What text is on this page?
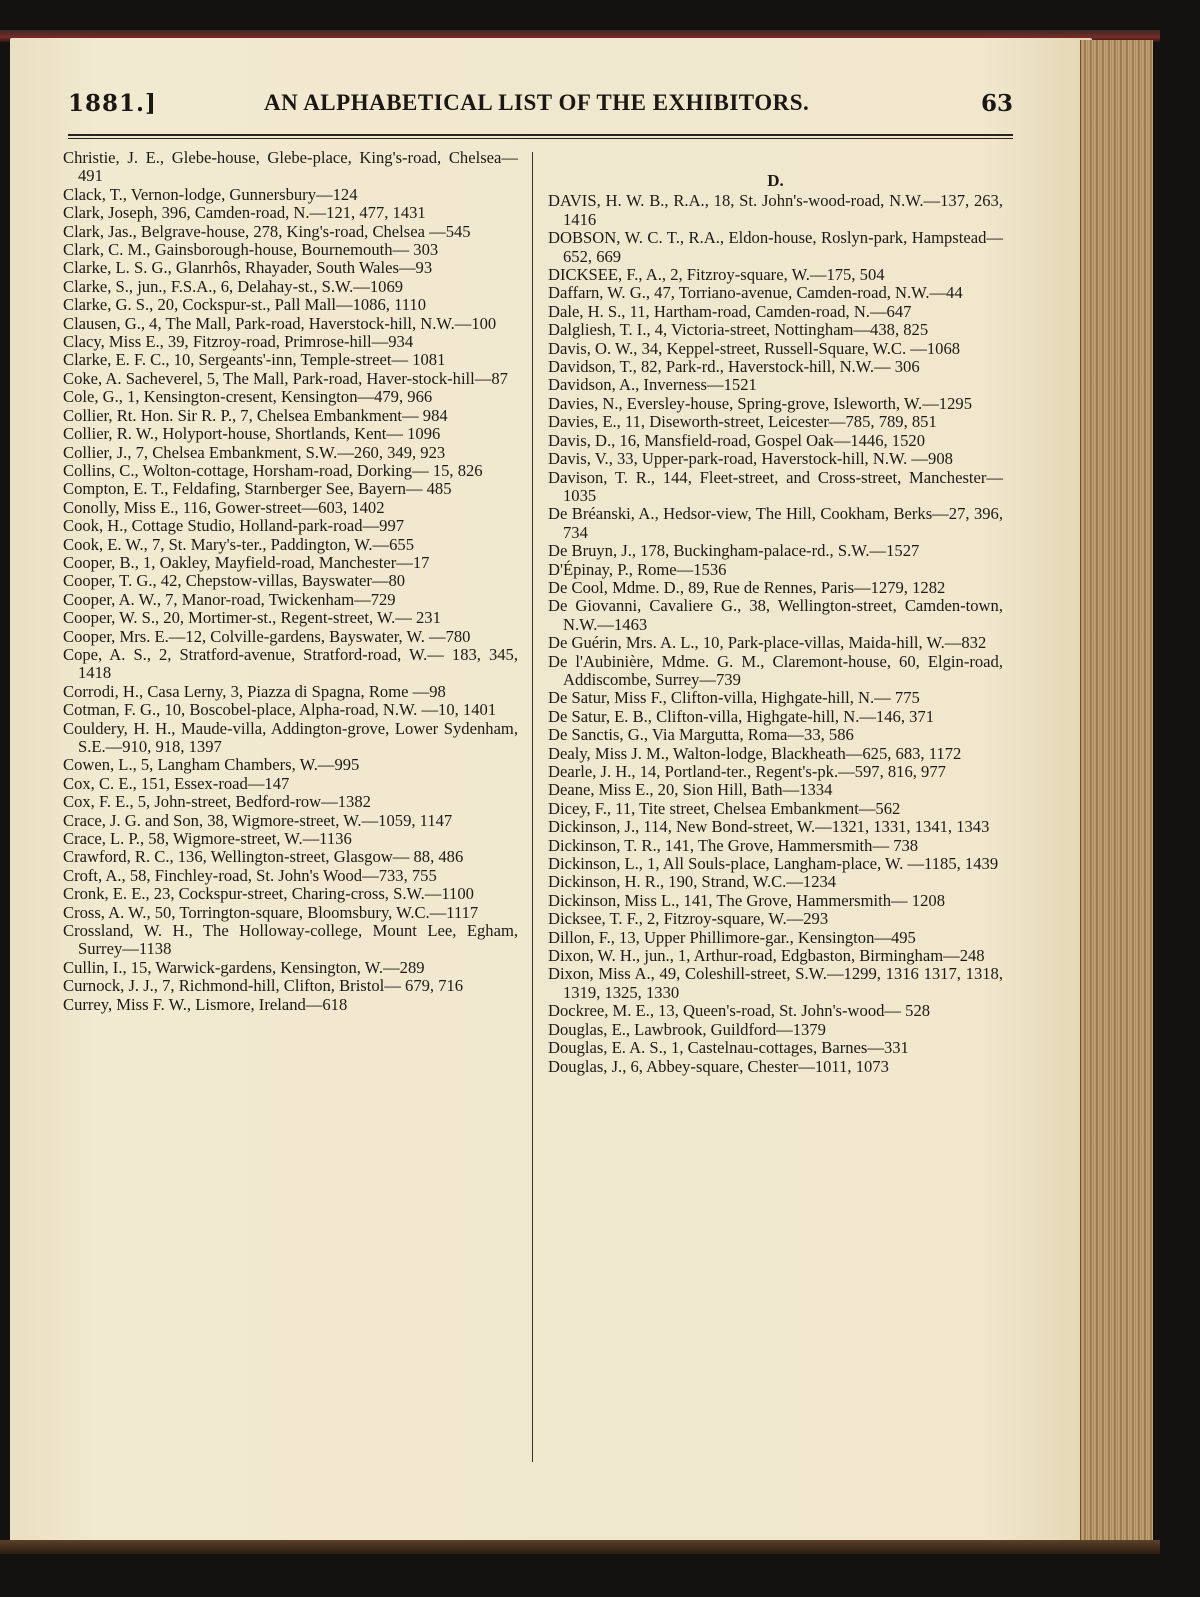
1881.]	AN ALPHABETICAL LIST OF THE EXHIBITORS.	63

Christie, J. E., Glebe-house, Glebe-place, King's-road, Chelsea—491

Clack, T., Vernon-lodge, Gunnersbury—124

Clark, Joseph, 396, Camden-road, N.—121, 477, 1431

Clark, Jas., Belgrave-house, 278, King's-road, Chelsea —545

Clark, C. M., Gainsborough-house, Bournemouth— 303

Clarke, L. S. G., Glanrhôs, Rhayader, South Wales—93

Clarke, S., jun., F.S.A., 6, Delahay-st., S.W.—1069

Clarke, G. S., 20, Cockspur-st., Pall Mall—1086, 1110

Clausen, G., 4, The Mall, Park-road, Haverstock-hill, N.W.—100

Clacy, Miss E., 39, Fitzroy-road, Primrose-hill—934

Clarke, E. F. C., 10, Sergeants'-inn, Temple-street— 1081

Coke, A. Sacheverel, 5, The Mall, Park-road, Haver-stock-hill—87

Cole, G., 1, Kensington-cresent, Kensington—479, 966

Collier, Rt. Hon. Sir R. P., 7, Chelsea Embankment— 984

Collier, R. W., Holyport-house, Shortlands, Kent— 1096

Collier, J., 7, Chelsea Embankment, S.W.—260, 349, 923

Collins, C., Wolton-cottage, Horsham-road, Dorking— 15, 826

Compton, E. T., Feldafing, Starnberger See, Bayern— 485

Conolly, Miss E., 116, Gower-street—603, 1402

Cook, H., Cottage Studio, Holland-park-road—997

Cook, E. W., 7, St. Mary's-ter., Paddington, W.—655

Cooper, B., 1, Oakley, Mayfield-road, Manchester—17

Cooper, T. G., 42, Chepstow-villas, Bayswater—80

Cooper, A. W., 7, Manor-road, Twickenham—729

Cooper, W. S., 20, Mortimer-st., Regent-street, W.— 231

Cooper, Mrs. E.—12, Colville-gardens, Bayswater, W. —780

Cope, A. S., 2, Stratford-avenue, Stratford-road, W.— 183, 345, 1418

Corrodi, H., Casa Lerny, 3, Piazza di Spagna, Rome —98

Cotman, F. G., 10, Boscobel-place, Alpha-road, N.W. —10, 1401

Couldery, H. H., Maude-villa, Addington-grove, Lower Sydenham, S.E.—910, 918, 1397

Cowen, L., 5, Langham Chambers, W.—995

Cox, C. E., 151, Essex-road—147

Cox, F. E., 5, John-street, Bedford-row—1382

Crace, J. G. and Son, 38, Wigmore-street, W.—1059, 1147

Crace, L. P., 58, Wigmore-street, W.—1136

Crawford, R. C., 136, Wellington-street, Glasgow— 88, 486

Croft, A., 58, Finchley-road, St. John's Wood—733, 755

Cronk, E. E., 23, Cockspur-street, Charing-cross, S.W.—1100

Cross, A. W., 50, Torrington-square, Bloomsbury, W.C.—1117

Crossland, W. H., The Holloway-college, Mount Lee, Egham, Surrey—1138

Cullin, I., 15, Warwick-gardens, Kensington, W.—289

Curnock, J. J., 7, Richmond-hill, Clifton, Bristol— 679, 716

Currey, Miss F. W., Lismore, Ireland—618

D.

DAVIS, H. W. B., R.A., 18, St. John's-wood-road, N.W.—137, 263, 1416

DOBSON, W. C. T., R.A., Eldon-house, Roslyn-park, Hampstead—652, 669

DICKSEE, F., A., 2, Fitzroy-square, W.—175, 504

Daffarn, W. G., 47, Torriano-avenue, Camden-road, N.W.—44

Dale, H. S., 11, Hartham-road, Camden-road, N.—647

Dalgliesh, T. I., 4, Victoria-street, Nottingham—438, 825

Davis, O. W., 34, Keppel-street, Russell-Square, W.C. —1068

Davidson, T., 82, Park-rd., Haverstock-hill, N.W.— 306

Davidson, A., Inverness—1521

Davies, N., Eversley-house, Spring-grove, Isleworth, W.—1295

Davies, E., 11, Diseworth-street, Leicester—785, 789, 851

Davis, D., 16, Mansfield-road, Gospel Oak—1446, 1520

Davis, V., 33, Upper-park-road, Haverstock-hill, N.W. —908

Davison, T. R., 144, Fleet-street, and Cross-street, Manchester—1035

De Bréanski, A., Hedsor-view, The Hill, Cookham, Berks—27, 396, 734

De Bruyn, J., 178, Buckingham-palace-rd., S.W.—1527

D'Épinay, P., Rome—1536

De Cool, Mdme. D., 89, Rue de Rennes, Paris—1279, 1282

De Giovanni, Cavaliere G., 38, Wellington-street, Camden-town, N.W.—1463

De Guérin, Mrs. A. L., 10, Park-place-villas, Maida-hill, W.—832

De l'Aubinière, Mdme. G. M., Claremont-house, 60, Elgin-road, Addiscombe, Surrey—739

De Satur, Miss F., Clifton-villa, Highgate-hill, N.— 775

De Satur, E. B., Clifton-villa, Highgate-hill, N.—146, 371

De Sanctis, G., Via Margutta, Roma—33, 586

Dealy, Miss J. M., Walton-lodge, Blackheath—625, 683, 1172

Dearle, J. H., 14, Portland-ter., Regent's-pk.—597, 816, 977

Deane, Miss E., 20, Sion Hill, Bath—1334

Dicey, F., 11, Tite street, Chelsea Embankment—562

Dickinson, J., 114, New Bond-street, W.—1321, 1331, 1341, 1343

Dickinson, T. R., 141, The Grove, Hammersmith— 738

Dickinson, L., 1, All Souls-place, Langham-place, W. —1185, 1439

Dickinson, H. R., 190, Strand, W.C.—1234

Dickinson, Miss L., 141, The Grove, Hammersmith— 1208

Dicksee, T. F., 2, Fitzroy-square, W.—293

Dillon, F., 13, Upper Phillimore-gar., Kensington—495

Dixon, W. H., jun., 1, Arthur-road, Edgbaston, Birmingham—248

Dixon, Miss A., 49, Coleshill-street, S.W.—1299, 1316 1317, 1318, 1319, 1325, 1330

Dockree, M. E., 13, Queen's-road, St. John's-wood— 528

Douglas, E., Lawbrook, Guildford—1379

Douglas, E. A. S., 1, Castelnau-cottages, Barnes—331

Douglas, J., 6, Abbey-square, Chester—1011, 1073
